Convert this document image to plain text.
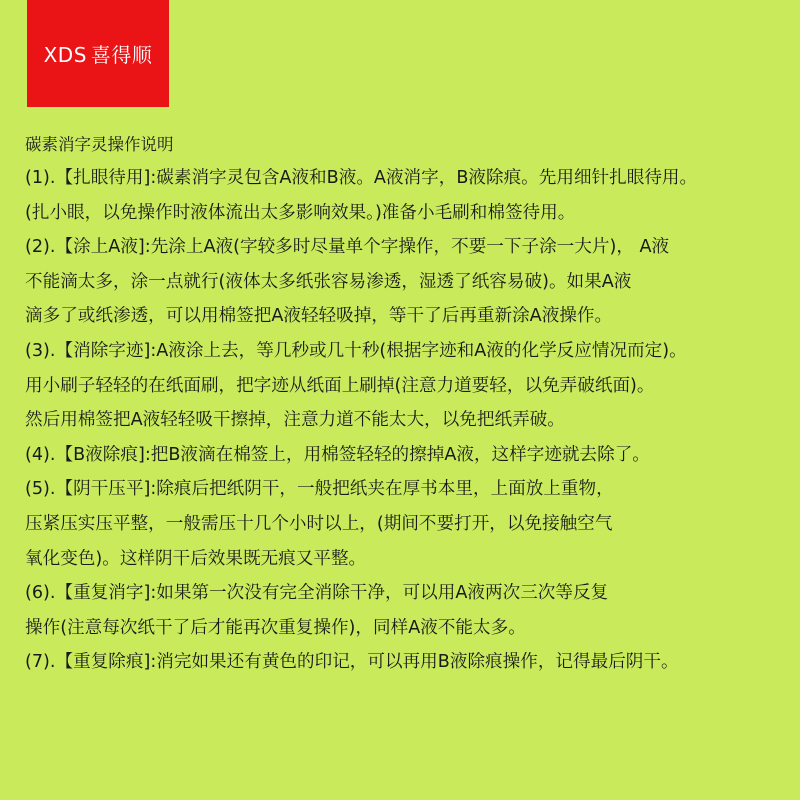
XDS 喜得顺
碳素消字灵操作说明
(1).【扎眼待用]:碳素消字灵包含A液和B液。A液消字，B液除痕。先用细针扎眼待用。
(扎小眼，以免操作时液体流出太多影响效果。)准备小毛刷和棉签待用。
(2).【涂上A液]:先涂上A液(字较多时尽量单个字操作，不要一下子涂一大片)， A液
不能滴太多，涂一点就行(液体太多纸张容易渗透，湿透了纸容易破)。如果A液
滴多了或纸渗透，可以用棉签把A液轻轻吸掉，等干了后再重新涂A液操作。
(3).【消除字迹]:A液涂上去，等几秒或几十秒(根据字迹和A液的化学反应情况而定)。
用小刷子轻轻的在纸面刷，把字迹从纸面上刷掉(注意力道要轻，以免弄破纸面)。
然后用棉签把A液轻轻吸干擦掉，注意力道不能太大，以免把纸弄破。
(4).【B液除痕]:把B液滴在棉签上，用棉签轻轻的擦掉A液，这样字迹就去除了。
(5).【阴干压平]:除痕后把纸阴干，一般把纸夹在厚书本里，上面放上重物，
压紧压实压平整，一般需压十几个小时以上，(期间不要打开，以免接触空气
氧化变色)。这样阴干后效果既无痕又平整。
(6).【重复消字]:如果第一次没有完全消除干净，可以用A液两次三次等反复
操作(注意每次纸干了后才能再次重复操作)，同样A液不能太多。
(7).【重复除痕]:消完如果还有黄色的印记，可以再用B液除痕操作，记得最后阴干。
